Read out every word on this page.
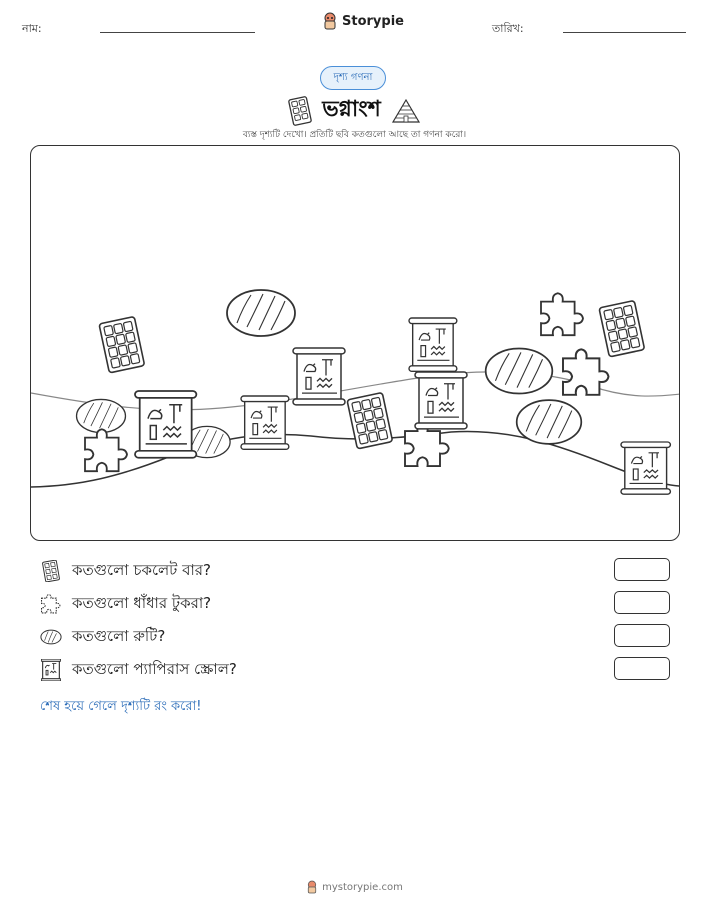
নাম:	Storypie	তারিখ:
দৃশ্য গণনা
ভগ্নাংশ
ব্যস্ত দৃশ্যটি দেখো। প্রতিটি ছবি কতগুলো আছে তা গণনা করো।
কতগুলো চকলেট বার?
কতগুলো ধাঁধার টুকরা?
কতগুলো রুটি?
কতগুলো প্যাপিরাস স্ক্রোল?
শেষ হয়ে গেলে দৃশ্যটি রং করো!
mystorypie.com
